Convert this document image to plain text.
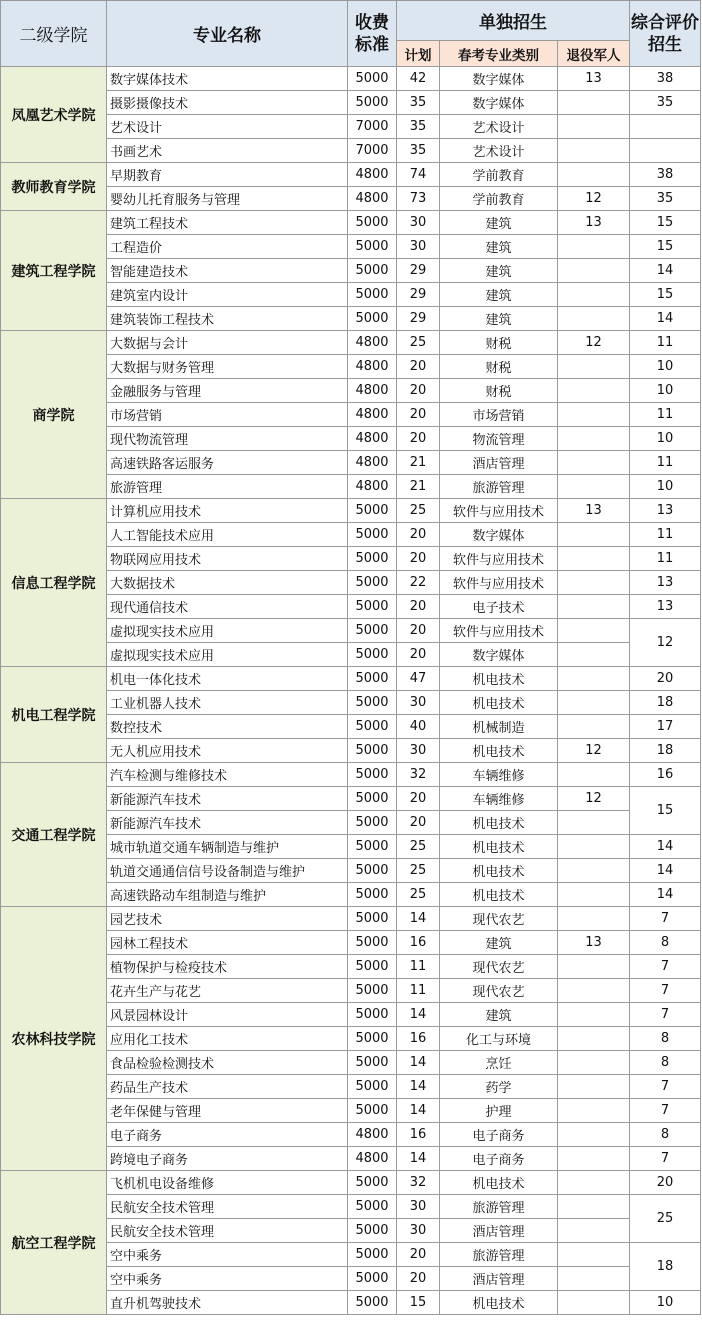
二级学院	专业名称	收费标准	单独招生			综合评价招生
			计划	春考专业类别	退役军人	
凤凰艺术学院	数字媒体技术	5000	42	数字媒体	13	38
	摄影摄像技术	5000	35	数字媒体		35
	艺术设计	7000	35	艺术设计		
	书画艺术	7000	35	艺术设计		
教师教育学院	早期教育	4800	74	学前教育		38
	婴幼儿托育服务与管理	4800	73	学前教育	12	35
建筑工程学院	建筑工程技术	5000	30	建筑	13	15
	工程造价	5000	30	建筑		15
	智能建造技术	5000	29	建筑		14
	建筑室内设计	5000	29	建筑		15
	建筑装饰工程技术	5000	29	建筑		14
商学院	大数据与会计	4800	25	财税	12	11
	大数据与财务管理	4800	20	财税		10
	金融服务与管理	4800	20	财税		10
	市场营销	4800	20	市场营销		11
	现代物流管理	4800	20	物流管理		10
	高速铁路客运服务	4800	21	酒店管理		11
	旅游管理	4800	21	旅游管理		10
信息工程学院	计算机应用技术	5000	25	软件与应用技术	13	13
	人工智能技术应用	5000	20	数字媒体		11
	物联网应用技术	5000	20	软件与应用技术		11
	大数据技术	5000	22	软件与应用技术		13
	现代通信技术	5000	20	电子技术		13
	虚拟现实技术应用	5000	20	软件与应用技术		12
	虚拟现实技术应用	5000	20	数字媒体		
机电工程学院	机电一体化技术	5000	47	机电技术		20
	工业机器人技术	5000	30	机电技术		18
	数控技术	5000	40	机械制造		17
	无人机应用技术	5000	30	机电技术	12	18
交通工程学院	汽车检测与维修技术	5000	32	车辆维修		16
	新能源汽车技术	5000	20	车辆维修	12	15
	新能源汽车技术	5000	20	机电技术		
	城市轨道交通车辆制造与维护	5000	25	机电技术		14
	轨道交通通信信号设备制造与维护	5000	25	机电技术		14
	高速铁路动车组制造与维护	5000	25	机电技术		14
农林科技学院	园艺技术	5000	14	现代农艺		7
	园林工程技术	5000	16	建筑	13	8
	植物保护与检疫技术	5000	11	现代农艺		7
	花卉生产与花艺	5000	11	现代农艺		7
	风景园林设计	5000	14	建筑		7
	应用化工技术	5000	16	化工与环境		8
	食品检验检测技术	5000	14	烹饪		8
	药品生产技术	5000	14	药学		7
	老年保健与管理	5000	14	护理		7
	电子商务	4800	16	电子商务		8
	跨境电子商务	4800	14	电子商务		7
航空工程学院	飞机机电设备维修	5000	32	机电技术		20
	民航安全技术管理	5000	30	旅游管理		25
	民航安全技术管理	5000	30	酒店管理		
	空中乘务	5000	20	旅游管理		18
	空中乘务	5000	20	酒店管理		
	直升机驾驶技术	5000	15	机电技术		10
